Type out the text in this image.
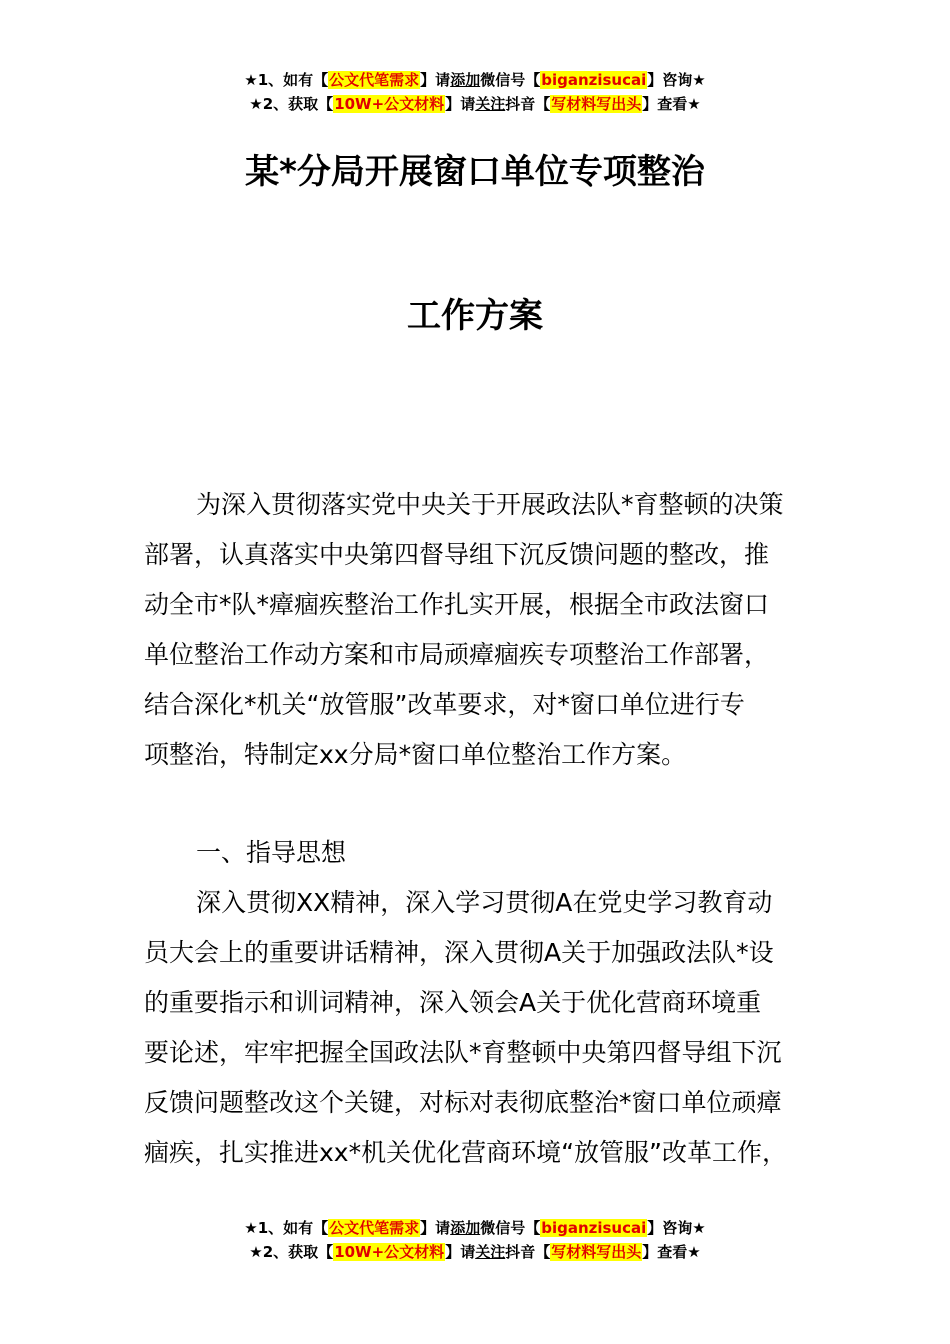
★1、如有【公文代笔需求】请添加微信号【biganzisucai】咨询★
★2、获取【10W+公文材料】请关注抖音【写材料写出头】查看★
某*分局开展窗口单位专项整治
工作方案
为深入贯彻落实党中央关于开展政法队*育整顿的决策
部署，认真落实中央第四督导组下沉反馈问题的整改，推
动全市*队*瘴痼疾整治工作扎实开展，根据全市政法窗口
单位整治工作动方案和市局顽瘴痼疾专项整治工作部署，
结合深化*机关“放管服”改革要求，对*窗口单位进行专
项整治，特制定xx分局*窗口单位整治工作方案。
一、指导思想
深入贯彻XX精神，深入学习贯彻A在党史学习教育动
员大会上的重要讲话精神，深入贯彻A关于加强政法队*设
的重要指示和训词精神，深入领会A关于优化营商环境重
要论述，牢牢把握全国政法队*育整顿中央第四督导组下沉
反馈问题整改这个关键，对标对表彻底整治*窗口单位顽瘴
痼疾，扎实推进xx*机关优化营商环境“放管服”改革工作，
★1、如有【公文代笔需求】请添加微信号【biganzisucai】咨询★
★2、获取【10W+公文材料】请关注抖音【写材料写出头】查看★
